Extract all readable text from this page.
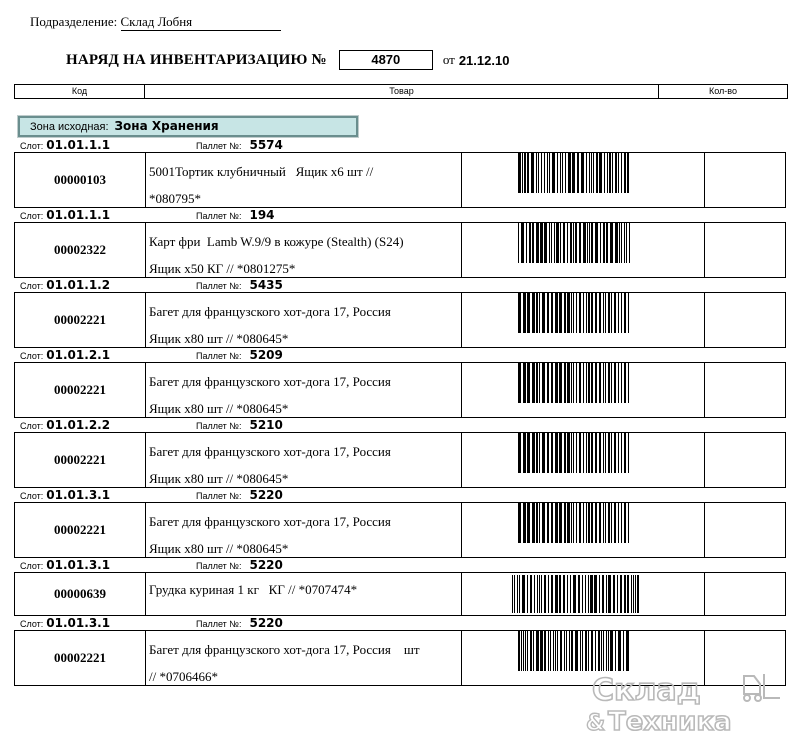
Подразделение: Склад Лобня
НАРЯД НА ИНВЕНТАРИЗАЦИЮ №	4870	от 21.12.10
Код	Товар	Кол-во
Зона исходная: Зона Хранения
Слот: 01.01.1.1	Паллет №: 5574
00000103
5001Тортик клубничный   Ящик x6 шт //
*080795*
Слот: 01.01.1.1	Паллет №: 194
00002322
Карт фри  Lamb W.9/9 в кожуре (Stealth) (S24)
Ящик x50 КГ // *0801275*
Слот: 01.01.1.2	Паллет №: 5435
00002221
Багет для французского хот-дога 17, Россия
Ящик x80 шт // *080645*
Слот: 01.01.2.1	Паллет №: 5209
00002221
Багет для французского хот-дога 17, Россия
Ящик x80 шт // *080645*
Слот: 01.01.2.2	Паллет №: 5210
00002221
Багет для французского хот-дога 17, Россия
Ящик x80 шт // *080645*
Слот: 01.01.3.1	Паллет №: 5220
00002221
Багет для французского хот-дога 17, Россия
Ящик x80 шт // *080645*
Слот: 01.01.3.1	Паллет №: 5220
00000639	Грудка куриная 1 кг   КГ // *0707474*
Слот: 01.01.3.1	Паллет №: 5220
00002221
Багет для французского хот-дога 17, Россия    шт
// *0706466*	Склад
& Техника
